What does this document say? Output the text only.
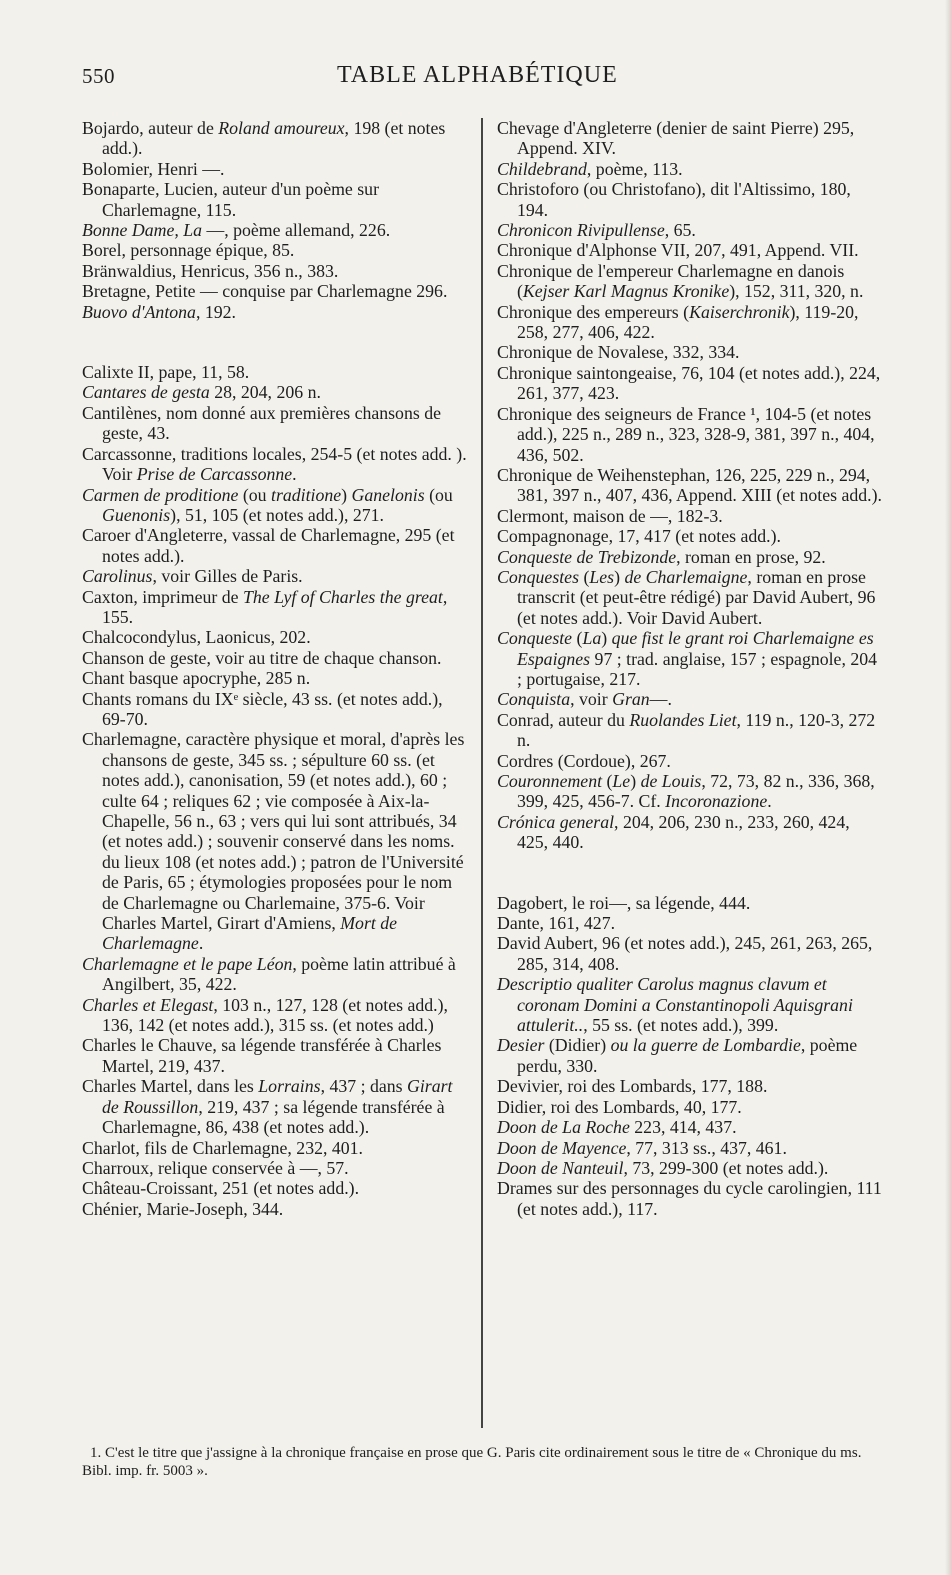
550	TABLE ALPHABÉTIQUE

Bojardo, auteur de Roland amoureux, 198 (et notes add.).

Bolomier, Henri —.

Bonaparte, Lucien, auteur d'un poème sur Charlemagne, 115.

Bonne Dame, La —, poème allemand, 226.

Borel, personnage épique, 85.

Bränwaldius, Henricus, 356 n., 383.

Bretagne, Petite — conquise par Charlemagne 296.

Buovo d'Antona, 192.

Calixte II, pape, 11, 58.

Cantares de gesta 28, 204, 206 n.

Cantilènes, nom donné aux premières chansons de geste, 43.

Carcassonne, traditions locales, 254-5 (et notes add. ). Voir Prise de Carcassonne.

Carmen de proditione (ou traditione) Ganelonis (ou Guenonis), 51, 105 (et notes add.), 271.

Caroer d'Angleterre, vassal de Charlemagne, 295 (et notes add.).

Carolinus, voir Gilles de Paris.

Caxton, imprimeur de The Lyf of Charles the great, 155.

Chalcocondylus, Laonicus, 202.

Chanson de geste, voir au titre de chaque chanson.

Chant basque apocryphe, 285 n.

Chants romans du IXᵉ siècle, 43 ss. (et notes add.), 69-70.

Charlemagne, caractère physique et moral, d'après les chansons de geste, 345 ss. ; sépulture 60 ss. (et notes add.), canonisation, 59 (et notes add.), 60 ; culte 64 ; reliques 62 ; vie composée à Aix-la-Chapelle, 56 n., 63 ; vers qui lui sont attribués, 34 (et notes add.) ; souvenir conservé dans les noms. du lieux 108 (et notes add.) ; patron de l'Université de Paris, 65 ; étymologies proposées pour le nom de Charlemagne ou Charlemaine, 375-6. Voir Charles Martel, Girart d'Amiens, Mort de Charlemagne.

Charlemagne et le pape Léon, poème latin attribué à Angilbert, 35, 422.

Charles et Elegast, 103 n., 127, 128 (et notes add.), 136, 142 (et notes add.), 315 ss. (et notes add.)

Charles le Chauve, sa légende transférée à Charles Martel, 219, 437.

Charles Martel, dans les Lorrains, 437 ; dans Girart de Roussillon, 219, 437 ; sa légende transférée à Charlemagne, 86, 438 (et notes add.).

Charlot, fils de Charlemagne, 232, 401.

Charroux, relique conservée à —, 57.

Château-Croissant, 251 (et notes add.).

Chénier, Marie-Joseph, 344.

Chevage d'Angleterre (denier de saint Pierre) 295, Append. XIV.

Childebrand, poème, 113.

Christoforo (ou Christofano), dit l'Altissimo, 180, 194.

Chronicon Rivipullense, 65.

Chronique d'Alphonse VII, 207, 491, Append. VII.

Chronique de l'empereur Charlemagne en danois (Kejser Karl Magnus Kronike), 152, 311, 320, n.

Chronique des empereurs (Kaiserchronik), 119-20, 258, 277, 406, 422.

Chronique de Novalese, 332, 334.

Chronique saintongeaise, 76, 104 (et notes add.), 224, 261, 377, 423.

Chronique des seigneurs de France ¹, 104-5 (et notes add.), 225 n., 289 n., 323, 328-9, 381, 397 n., 404, 436, 502.

Chronique de Weihenstephan, 126, 225, 229 n., 294, 381, 397 n., 407, 436, Append. XIII (et notes add.).

Clermont, maison de —, 182-3.

Compagnonage, 17, 417 (et notes add.).

Conqueste de Trebizonde, roman en prose, 92.

Conquestes (Les) de Charlemaigne, roman en prose transcrit (et peut-être rédigé) par David Aubert, 96 (et notes add.). Voir David Aubert.

Conqueste (La) que fist le grant roi Charlemaigne es Espaignes 97 ; trad. anglaise, 157 ; espagnole, 204 ; portugaise, 217.

Conquista, voir Gran—.

Conrad, auteur du Ruolandes Liet, 119 n., 120-3, 272 n.

Cordres (Cordoue), 267.

Couronnement (Le) de Louis, 72, 73, 82 n., 336, 368, 399, 425, 456-7. Cf. Incoronazione.

Crónica general, 204, 206, 230 n., 233, 260, 424, 425, 440.

Dagobert, le roi—, sa légende, 444.

Dante, 161, 427.

David Aubert, 96 (et notes add.), 245, 261, 263, 265, 285, 314, 408.

Descriptio qualiter Carolus magnus clavum et coronam Domini a Constantinopoli Aquisgrani attulerit.., 55 ss. (et notes add.), 399.

Desier (Didier) ou la guerre de Lombardie, poème perdu, 330.

Devivier, roi des Lombards, 177, 188.

Didier, roi des Lombards, 40, 177.

Doon de La Roche 223, 414, 437.

Doon de Mayence, 77, 313 ss., 437, 461.

Doon de Nanteuil, 73, 299-300 (et notes add.).

Drames sur des personnages du cycle carolingien, 111 (et notes add.), 117.

1. C'est le titre que j'assigne à la chronique française en prose que G. Paris cite ordinairement sous le titre de « Chronique du ms. Bibl. imp. fr. 5003 ».
